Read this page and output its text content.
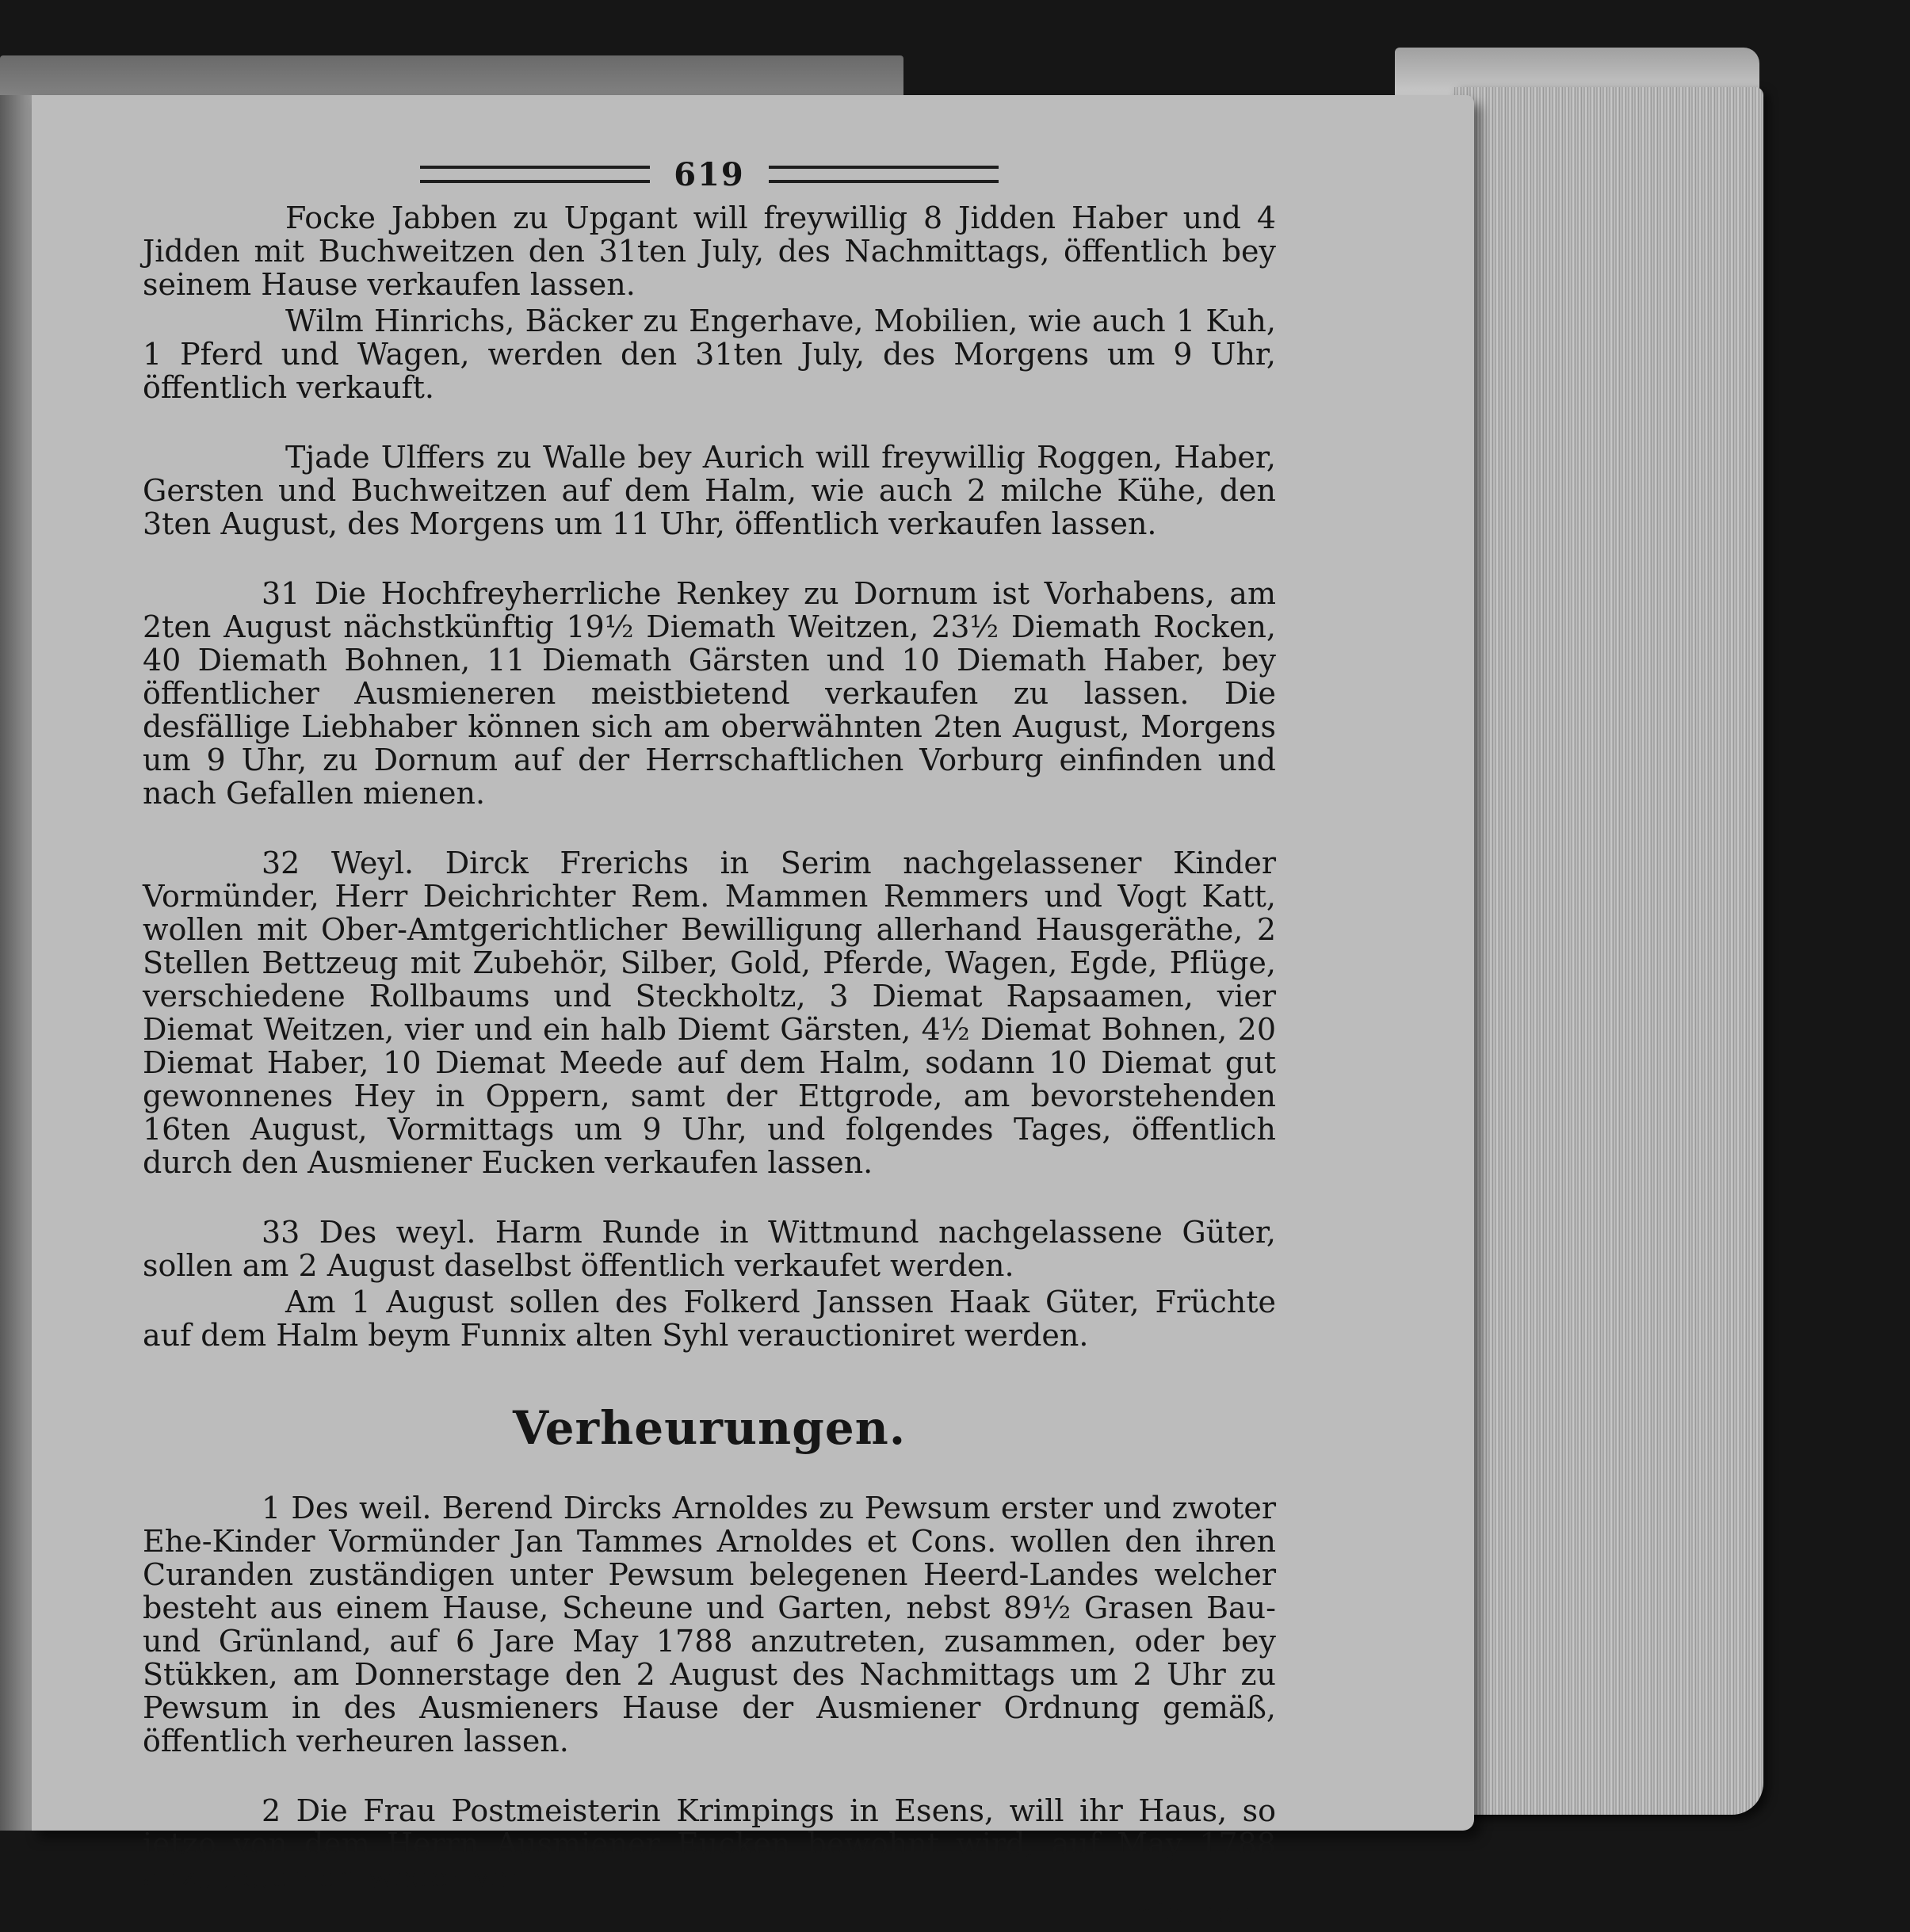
619

Focke Jabben zu Upgant will freywillig 8 Jidden Haber und 4 Jidden mit Buchweitzen den 31ten July, des Nachmittags, öffentlich bey seinem Hause verkaufen lassen.

Wilm Hinrichs, Bäcker zu Engerhave, Mobilien, wie auch 1 Kuh, 1 Pferd und Wagen, werden den 31ten July, des Morgens um 9 Uhr, öffentlich verkauft.

Tjade Ulffers zu Walle bey Aurich will freywillig Roggen, Haber, Gersten und Buchweitzen auf dem Halm, wie auch 2 milche Kühe, den 3ten August, des Morgens um 11 Uhr, öffentlich verkaufen lassen.

31 Die Hochfreyherrliche Renkey zu Dornum ist Vorhabens, am 2ten August nächstkünftig 19½ Diemath Weitzen, 23½ Diemath Rocken, 40 Diemath Bohnen, 11 Diemath Gärsten und 10 Diemath Haber, bey öffentlicher Ausmieneren meistbietend verkaufen zu lassen. Die desfällige Liebhaber können sich am oberwähnten 2ten August, Morgens um 9 Uhr, zu Dornum auf der Herrschaftlichen Vorburg einfinden und nach Gefallen mienen.

32 Weyl. Dirck Frerichs in Serim nachgelassener Kinder Vormünder, Herr Deichrichter Rem. Mammen Remmers und Vogt Katt, wollen mit Ober-Amtgerichtlicher Bewilligung allerhand Hausgeräthe, 2 Stellen Bettzeug mit Zubehör, Silber, Gold, Pferde, Wagen, Egde, Pflüge, verschiedene Rollbaums und Steckholtz, 3 Diemat Rapsaamen, vier Diemat Weitzen, vier und ein halb Diemt Gärsten, 4½ Diemat Bohnen, 20 Diemat Haber, 10 Diemat Meede auf dem Halm, sodann 10 Diemat gut gewonnenes Hey in Oppern, samt der Ettgrode, am bevorstehenden 16ten August, Vormittags um 9 Uhr, und folgendes Tages, öffentlich durch den Ausmiener Eucken verkaufen lassen.

33 Des weyl. Harm Runde in Wittmund nachgelassene Güter, sollen am 2 August daselbst öffentlich verkaufet werden.

Am 1 August sollen des Folkerd Janssen Haak Güter, Früchte auf dem Halm beym Funnix alten Syhl verauctioniret werden.

Verheurungen.

1 Des weil. Berend Dircks Arnoldes zu Pewsum erster und zwoter Ehe-Kinder Vormünder Jan Tammes Arnoldes et Cons. wollen den ihren Curanden zuständigen unter Pewsum belegenen Heerd-Landes welcher besteht aus einem Hause, Scheune und Garten, nebst 89½ Grasen Bau- und Grünland, auf 6 Jare May 1788 anzutreten, zusammen, oder bey Stükken, am Donnerstage den 2 August des Nachmittags um 2 Uhr zu Pewsum in des Ausmieners Hause der Ausmiener Ordnung gemäß, öffentlich verheuren lassen.

2 Die Frau Postmeisterin Krimpings in Esens, will ihr Haus, so ietzo von dem Herrn Ausmiener Eucken bewohnt wird, auf May 1788 anzutreten entweder ver-

miethen
